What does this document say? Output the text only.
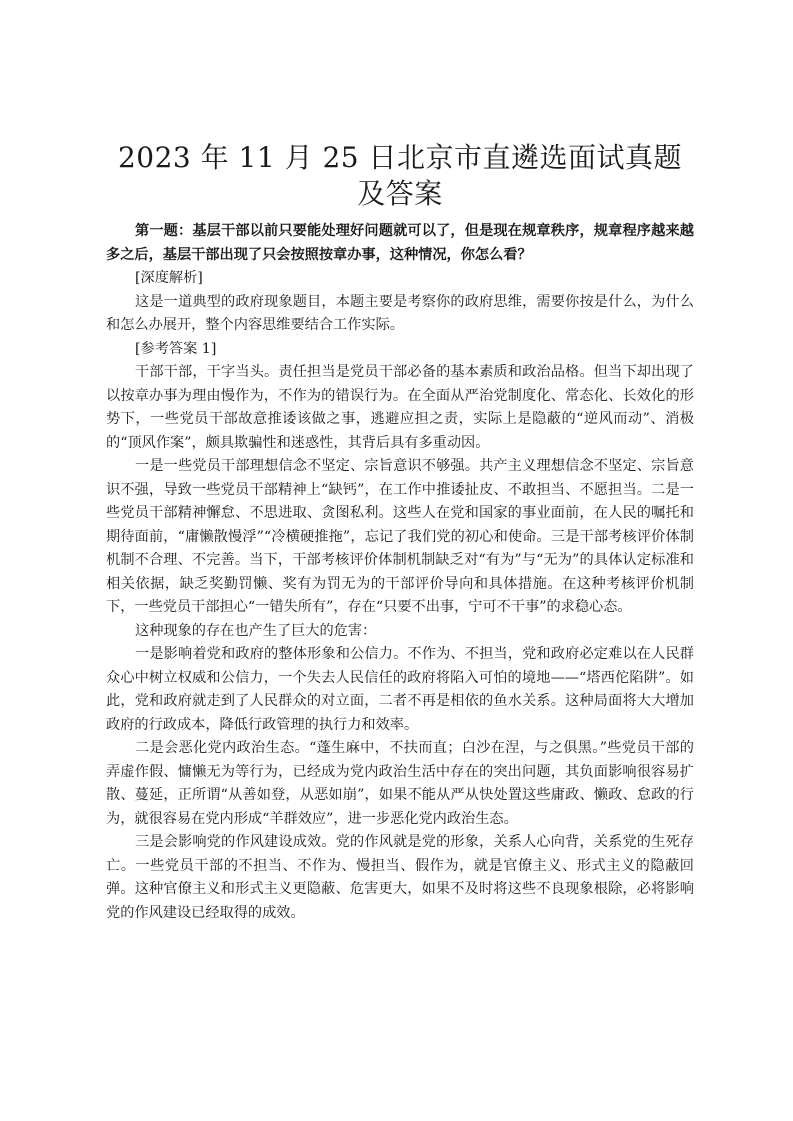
2023 年 11 月 25 日北京市直遴选面试真题及答案

第一题：基层干部以前只要能处理好问题就可以了，但是现在规章秩序，规章程序越来越多之后，基层干部出现了只会按照按章办事，这种情况，你怎么看？

[深度解析]

这是一道典型的政府现象题目，本题主要是考察你的政府思维，需要你按是什么，为什么和怎么办展开，整个内容思维要结合工作实际。

[参考答案 1]

干部干部，干字当头。责任担当是党员干部必备的基本素质和政治品格。但当下却出现了以按章办事为理由慢作为，不作为的错误行为。在全面从严治党制度化、常态化、长效化的形势下，一些党员干部故意推诿该做之事，逃避应担之责，实际上是隐蔽的“逆风而动”、消极的“顶风作案”，颇具欺骗性和迷惑性，其背后具有多重动因。

一是一些党员干部理想信念不坚定、宗旨意识不够强。共产主义理想信念不坚定、宗旨意识不强，导致一些党员干部精神上“缺钙”，在工作中推诿扯皮、不敢担当、不愿担当。二是一些党员干部精神懈怠、不思进取、贪图私利。这些人在党和国家的事业面前，在人民的嘱托和期待面前，“庸懒散慢浮”“冷横硬推拖”，忘记了我们党的初心和使命。三是干部考核评价体制机制不合理、不完善。当下，干部考核评价体制机制缺乏对“有为”与“无为”的具体认定标准和相关依据，缺乏奖勤罚懒、奖有为罚无为的干部评价导向和具体措施。在这种考核评价机制下，一些党员干部担心“一错失所有”，存在“只要不出事，宁可不干事”的求稳心态。

这种现象的存在也产生了巨大的危害：

一是影响着党和政府的整体形象和公信力。不作为、不担当，党和政府必定难以在人民群众心中树立权威和公信力，一个失去人民信任的政府将陷入可怕的境地——“塔西佗陷阱”。如此，党和政府就走到了人民群众的对立面，二者不再是相依的鱼水关系。这种局面将大大增加政府的行政成本，降低行政管理的执行力和效率。

二是会恶化党内政治生态。“蓬生麻中，不扶而直；白沙在涅，与之俱黑。”些党员干部的弄虚作假、慵懒无为等行为，已经成为党内政治生活中存在的突出问题，其负面影响很容易扩散、蔓延，正所谓“从善如登，从恶如崩”，如果不能从严从快处置这些庸政、懒政、怠政的行为，就很容易在党内形成“羊群效应”，进一步恶化党内政治生态。

三是会影响党的作风建设成效。党的作风就是党的形象，关系人心向背，关系党的生死存亡。一些党员干部的不担当、不作为、慢担当、假作为，就是官僚主义、形式主义的隐蔽回弹。这种官僚主义和形式主义更隐蔽、危害更大，如果不及时将这些不良现象根除，必将影响党的作风建设已经取得的成效。
